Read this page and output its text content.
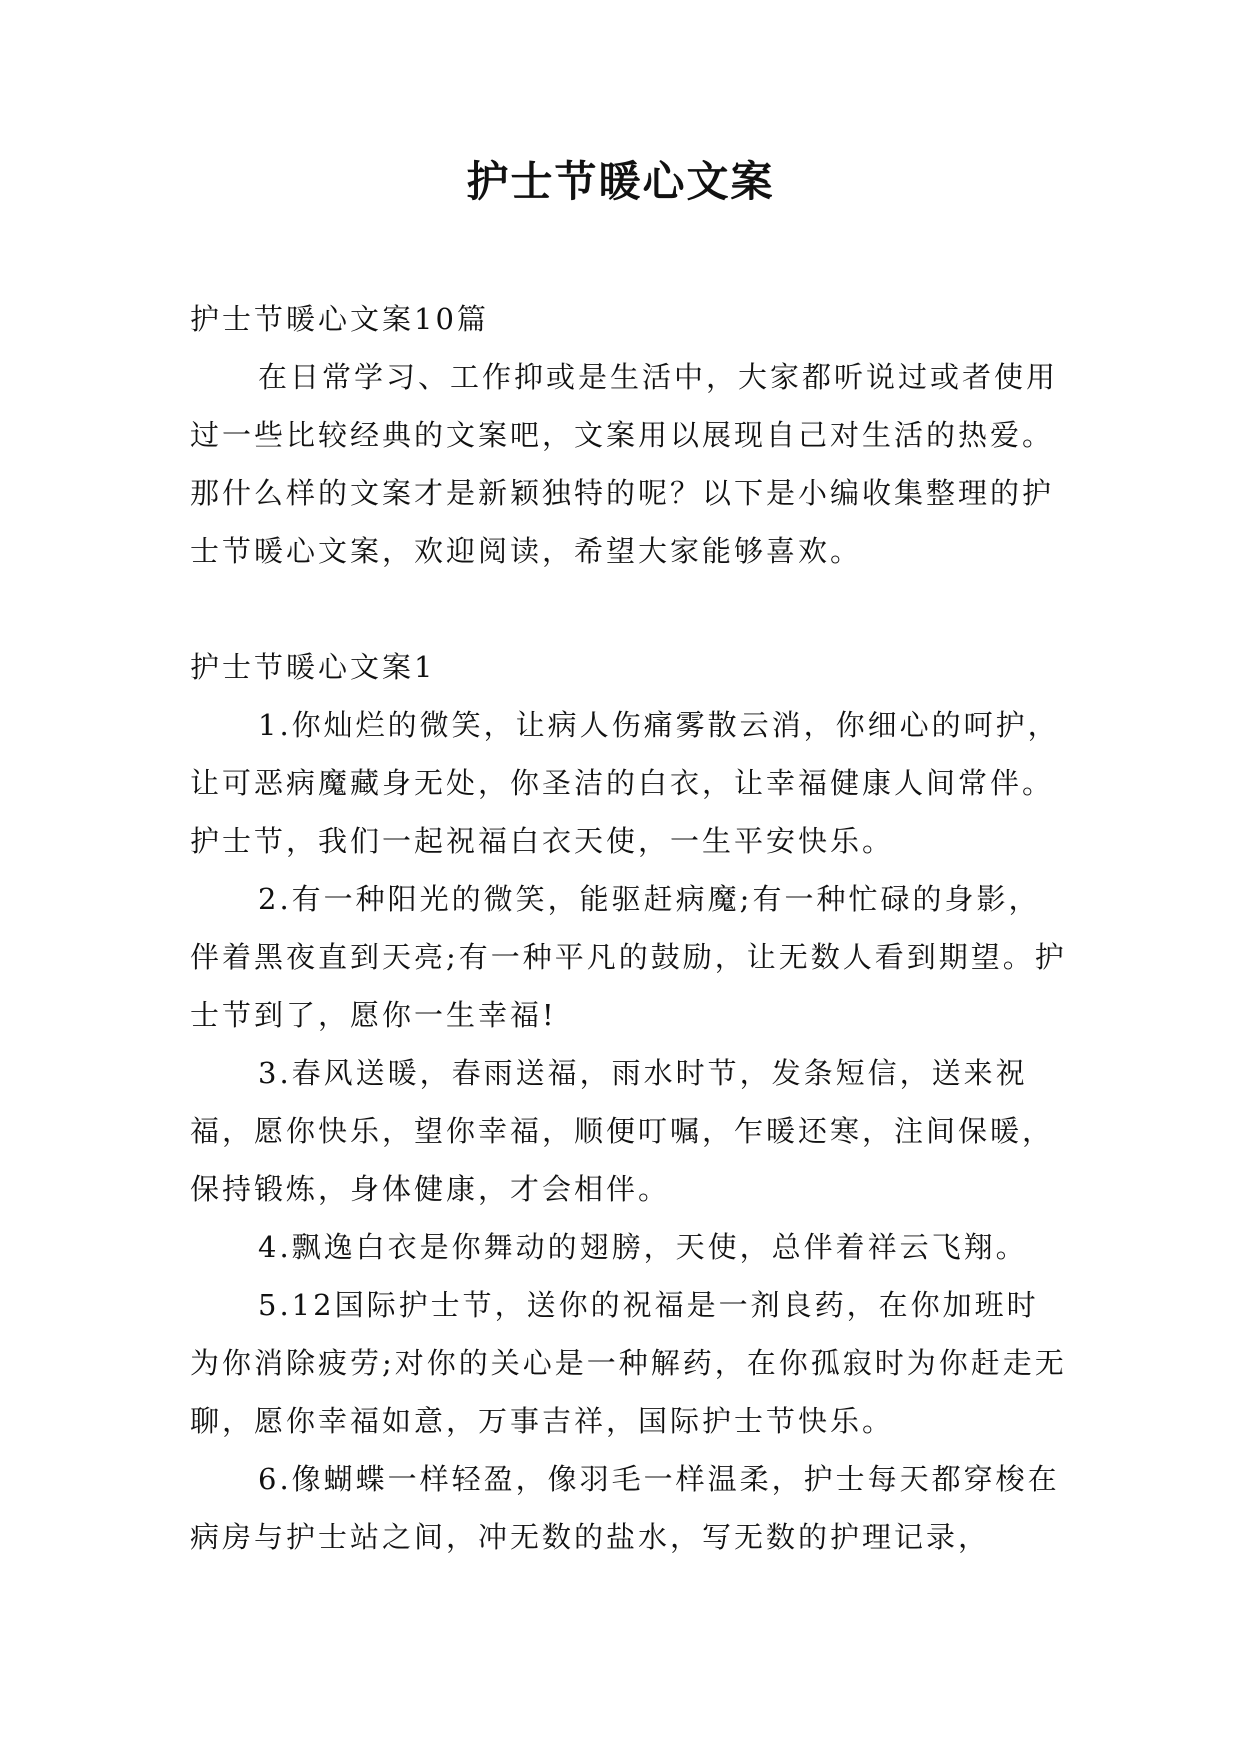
护士节暖心文案

护士节暖心文案10篇

在日常学习、工作抑或是生活中，大家都听说过或者使用过一些比较经典的文案吧，文案用以展现自己对生活的热爱。那什么样的文案才是新颖独特的呢？以下是小编收集整理的护士节暖心文案，欢迎阅读，希望大家能够喜欢。

护士节暖心文案1

1.你灿烂的微笑，让病人伤痛雾散云消，你细心的呵护，让可恶病魔藏身无处，你圣洁的白衣，让幸福健康人间常伴。护士节，我们一起祝福白衣天使，一生平安快乐。

2.有一种阳光的微笑，能驱赶病魔;有一种忙碌的身影，伴着黑夜直到天亮;有一种平凡的鼓励，让无数人看到期望。护士节到了，愿你一生幸福!

3.春风送暖，春雨送福，雨水时节，发条短信，送来祝福，愿你快乐，望你幸福，顺便叮嘱，乍暖还寒，注间保暖，保持锻炼，身体健康，才会相伴。

4.飘逸白衣是你舞动的翅膀，天使，总伴着祥云飞翔。

5.12国际护士节，送你的祝福是一剂良药，在你加班时为你消除疲劳;对你的关心是一种解药，在你孤寂时为你赶走无聊，愿你幸福如意，万事吉祥，国际护士节快乐。

6.像蝴蝶一样轻盈，像羽毛一样温柔，护士每天都穿梭在病房与护士站之间，冲无数的盐水，写无数的护理记录，
